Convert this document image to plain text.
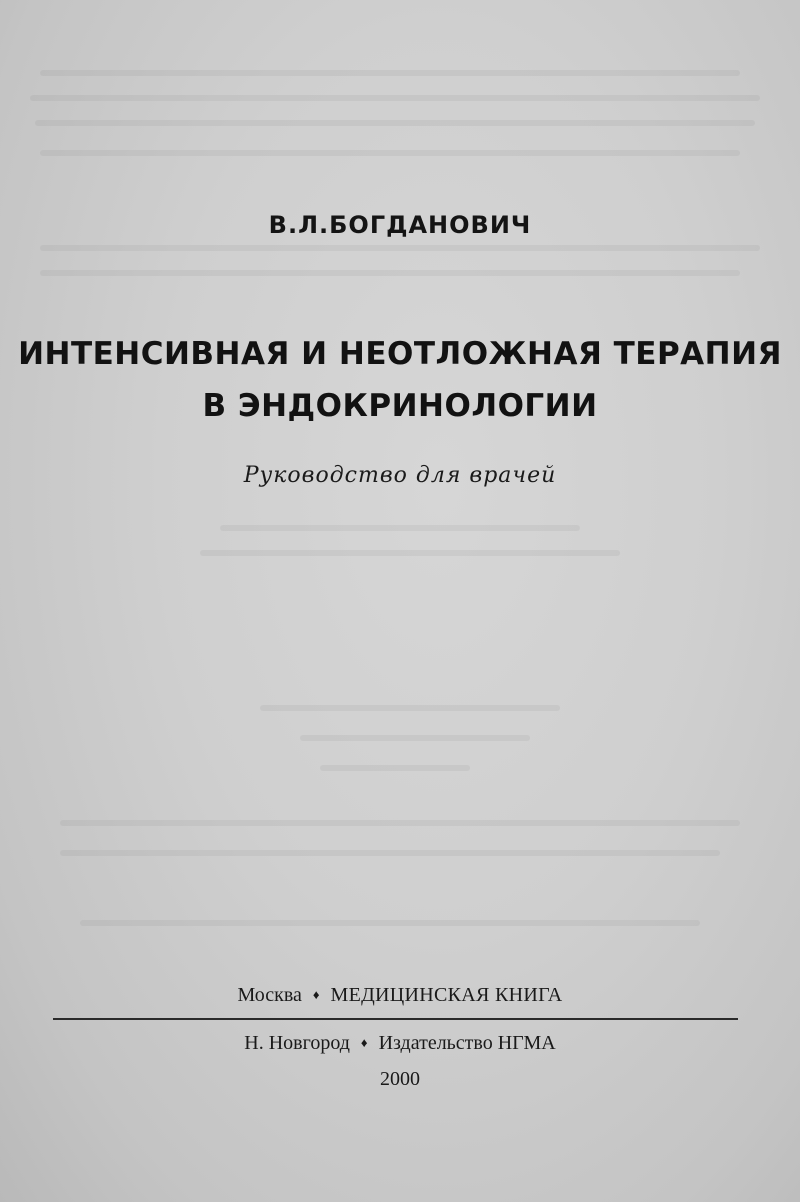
В.Л.БОГДАНОВИЧ
ИНТЕНСИВНАЯ И НЕОТЛОЖНАЯ ТЕРАПИЯ
В ЭНДОКРИНОЛОГИИ
Руководство для врачей
Москва ♦ МЕДИЦИНСКАЯ КНИГА
Н. Новгород ♦ Издательство НГМА
2000
